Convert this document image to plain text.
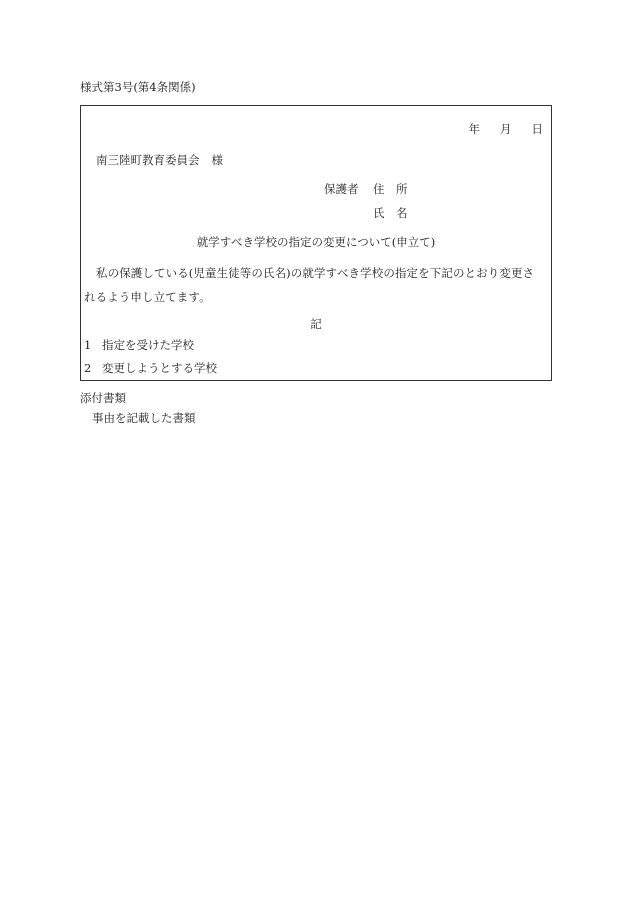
様式第3号(第4条関係)
年 月 日
南三陸町教育委員会 様
保護者 住　所
氏　名
就学すべき学校の指定の変更について(申立て)
私の保護している(児童生徒等の氏名)の就学すべき学校の指定を下記のとおり変更さ
れるよう申し立てます。
記
1 指定を受けた学校
2 変更しようとする学校
添付書類
事由を記載した書類
